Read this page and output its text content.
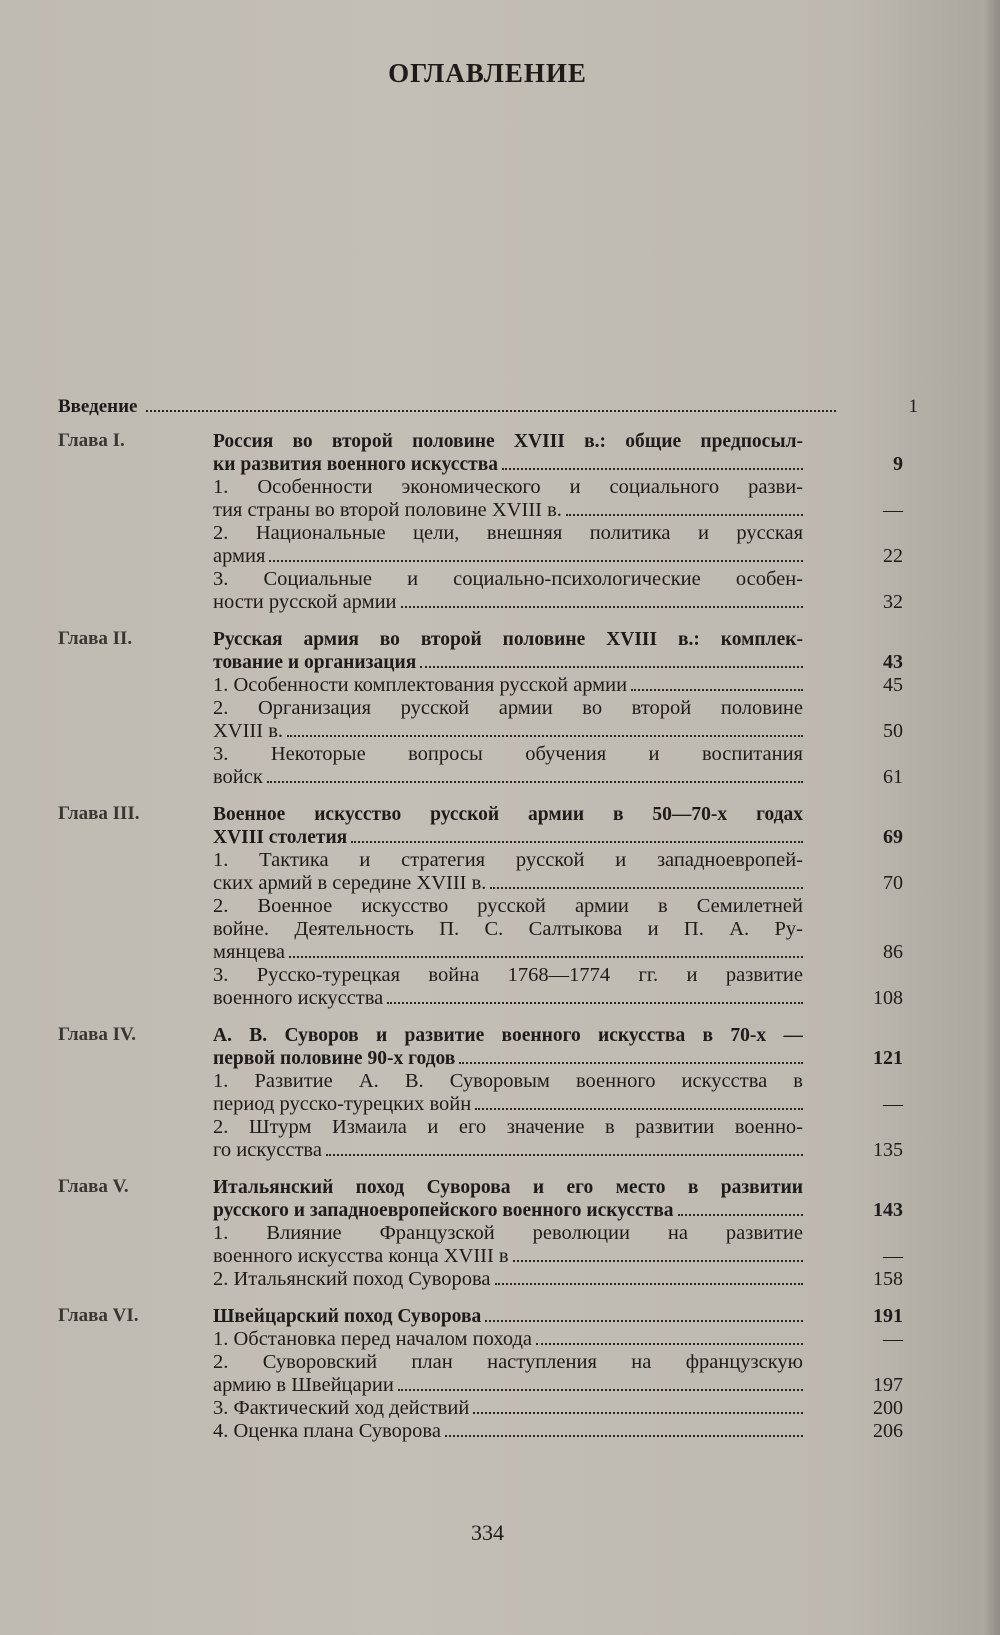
ОГЛАВЛЕНИЕ
Введение	1
Глава I.	Россия во второй половине XVIII в.: общие предпосыл-
ки развития военного искусства	9
1. Особенности экономического и социального разви-
тия страны во второй половине XVIII в.	—
2. Национальные цели, внешняя политика и русская
армия	22
3. Социальные и социально-психологические особен-
ности русской армии	32
Глава II.	Русская армия во второй половине XVIII в.: комплек-
тование и организация	43
1. Особенности комплектования русской армии	45
2. Организация русской армии во второй половине
XVIII в.	50
3. Некоторые вопросы обучения и воспитания
войск	61
Глава III.	Военное искусство русской армии в 50—70-х годах
XVIII столетия	69
1. Тактика и стратегия русской и западноевропей-
ских армий в середине XVIII в.	70
2. Военное искусство русской армии в Семилетней
войне. Деятельность П. С. Салтыкова и П. А. Ру-
мянцева	86
3. Русско-турецкая война 1768—1774 гг. и развитие
военного искусства	108
Глава IV.	А. В. Суворов и развитие военного искусства в 70-х —
первой половине 90-х годов	121
1. Развитие А. В. Суворовым военного искусства в
период русско-турецких войн	—
2. Штурм Измаила и его значение в развитии военно-
го искусства	135
Глава V.	Итальянский поход Суворова и его место в развитии
русского и западноевропейского военного искусства	143
1. Влияние Французской революции на развитие
военного искусства конца XVIII в	—
2. Итальянский поход Суворова	158
Глава VI.	Швейцарский поход Суворова	191
1. Обстановка перед началом похода	—
2. Суворовский план наступления на французскую
армию в Швейцарии	197
3. Фактический ход действий	200
4. Оценка плана Суворова	206
334
